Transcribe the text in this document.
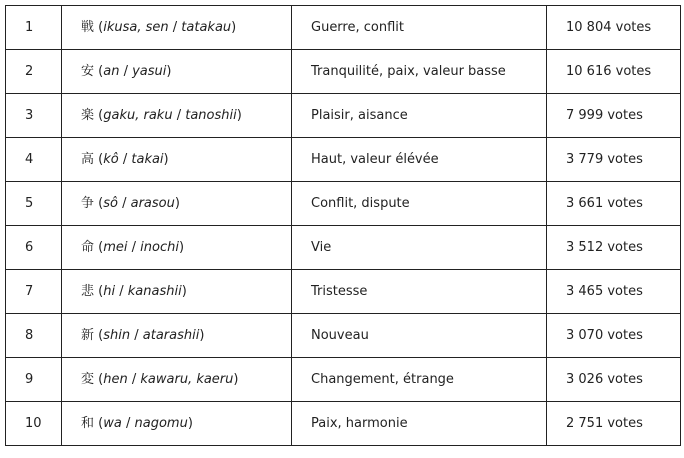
1	戦 (ikusa, sen / tatakau)	Guerre, conflit	10 804 votes
2	安 (an / yasui)	Tranquilité, paix, valeur basse	10 616 votes
3	楽 (gaku, raku / tanoshii)	Plaisir, aisance	7 999 votes
4	高 (kô / takai)	Haut, valeur élévée	3 779 votes
5	争 (sô / arasou)	Conflit, dispute	3 661 votes
6	命 (mei / inochi)	Vie	3 512 votes
7	悲 (hi / kanashii)	Tristesse	3 465 votes
8	新 (shin / atarashii)	Nouveau	3 070 votes
9	変 (hen / kawaru, kaeru)	Changement, étrange	3 026 votes
10	和 (wa / nagomu)	Paix, harmonie	2 751 votes
